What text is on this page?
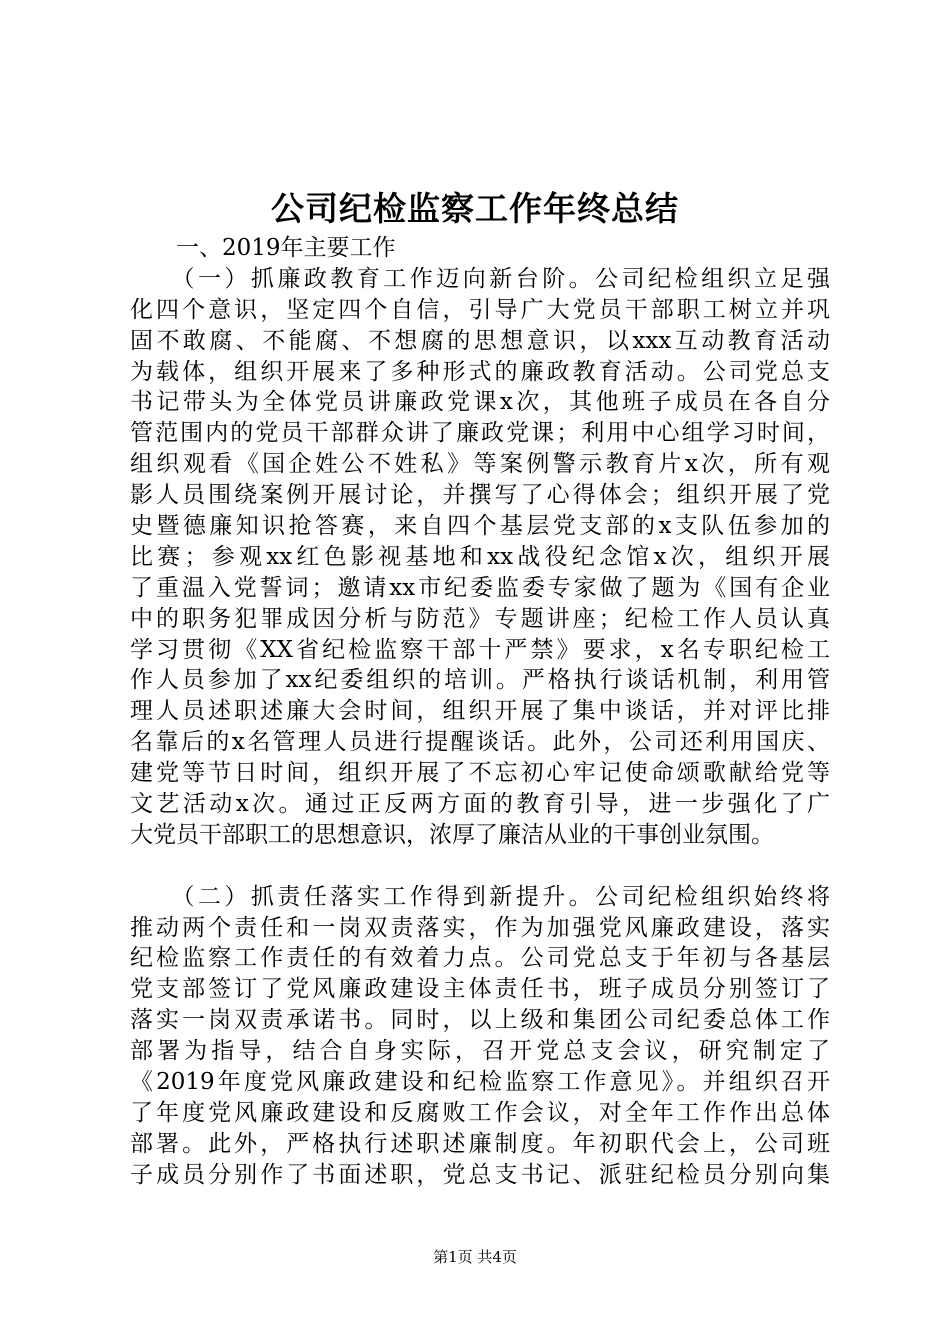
公司纪检监察工作年终总结
　　一、2019年主要工作
　　（一）抓廉政教育工作迈向新台阶。公司纪检组织立足强
化四个意识，坚定四个自信，引导广大党员干部职工树立并巩
固不敢腐、不能腐、不想腐的思想意识，以xxx互动教育活动
为载体，组织开展来了多种形式的廉政教育活动。公司党总支
书记带头为全体党员讲廉政党课x次，其他班子成员在各自分
管范围内的党员干部群众讲了廉政党课；利用中心组学习时间，
组织观看《国企姓公不姓私》等案例警示教育片x次，所有观
影人员围绕案例开展讨论，并撰写了心得体会；组织开展了党
史暨德廉知识抢答赛，来自四个基层党支部的x支队伍参加的
比赛；参观xx红色影视基地和xx战役纪念馆x次，组织开展
了重温入党誓词；邀请xx市纪委监委专家做了题为《国有企业
中的职务犯罪成因分析与防范》专题讲座；纪检工作人员认真
学习贯彻《XX省纪检监察干部十严禁》要求，x名专职纪检工
作人员参加了xx纪委组织的培训。严格执行谈话机制，利用管
理人员述职述廉大会时间，组织开展了集中谈话，并对评比排
名靠后的x名管理人员进行提醒谈话。此外，公司还利用国庆、
建党等节日时间，组织开展了不忘初心牢记使命颂歌献给党等
文艺活动x次。通过正反两方面的教育引导，进一步强化了广
大党员干部职工的思想意识，浓厚了廉洁从业的干事创业氛围。
　　（二）抓责任落实工作得到新提升。公司纪检组织始终将
推动两个责任和一岗双责落实，作为加强党风廉政建设，落实
纪检监察工作责任的有效着力点。公司党总支于年初与各基层
党支部签订了党风廉政建设主体责任书，班子成员分别签订了
落实一岗双责承诺书。同时，以上级和集团公司纪委总体工作
部署为指导，结合自身实际，召开党总支会议，研究制定了
《2019年度党风廉政建设和纪检监察工作意见》。并组织召开
了年度党风廉政建设和反腐败工作会议，对全年工作作出总体
部署。此外，严格执行述职述廉制度。年初职代会上，公司班
子成员分别作了书面述职，党总支书记、派驻纪检员分别向集
第1页 共4页
